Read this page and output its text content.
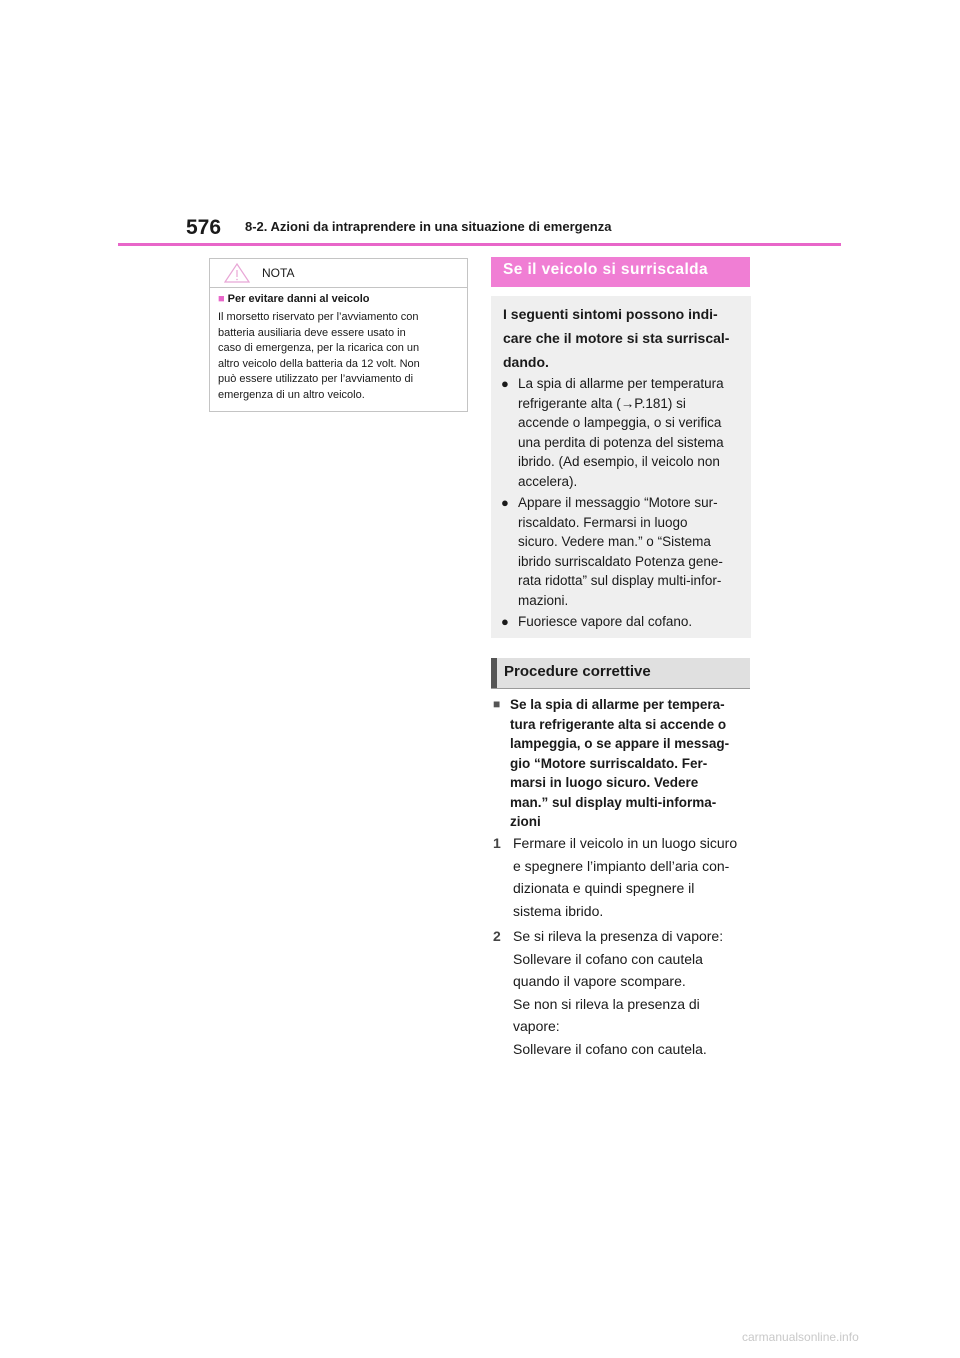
576 8-2. Azioni da intraprendere in una situazione di emergenza
NOTA
■ Per evitare danni al veicolo
Il morsetto riservato per l’avviamento con
batteria ausiliaria deve essere usato in
caso di emergenza, per la ricarica con un
altro veicolo della batteria da 12 volt. Non
può essere utilizzato per l’avviamento di
emergenza di un altro veicolo.
Se il veicolo si surriscalda
I seguenti sintomi possono indi-
care che il motore si sta surriscal-
dando.
● La spia di allarme per temperatura
refrigerante alta (→P.181) si
accende o lampeggia, o si verifica
una perdita di potenza del sistema
ibrido. (Ad esempio, il veicolo non
accelera).
● Appare il messaggio “Motore sur-
riscaldato. Fermarsi in luogo
sicuro. Vedere man.” o “Sistema
ibrido surriscaldato Potenza gene-
rata ridotta” sul display multi-infor-
mazioni.
● Fuoriesce vapore dal cofano.
Procedure correttive
■ Se la spia di allarme per tempera-
tura refrigerante alta si accende o
lampeggia, o se appare il messag-
gio “Motore surriscaldato. Fer-
marsi in luogo sicuro. Vedere
man.” sul display multi-informa-
zioni
1 Fermare il veicolo in un luogo sicuro
e spegnere l’impianto dell’aria con-
dizionata e quindi spegnere il
sistema ibrido.
2 Se si rileva la presenza di vapore:
Sollevare il cofano con cautela
quando il vapore scompare.
Se non si rileva la presenza di
vapore:
Sollevare il cofano con cautela.
carmanualsonline.info
